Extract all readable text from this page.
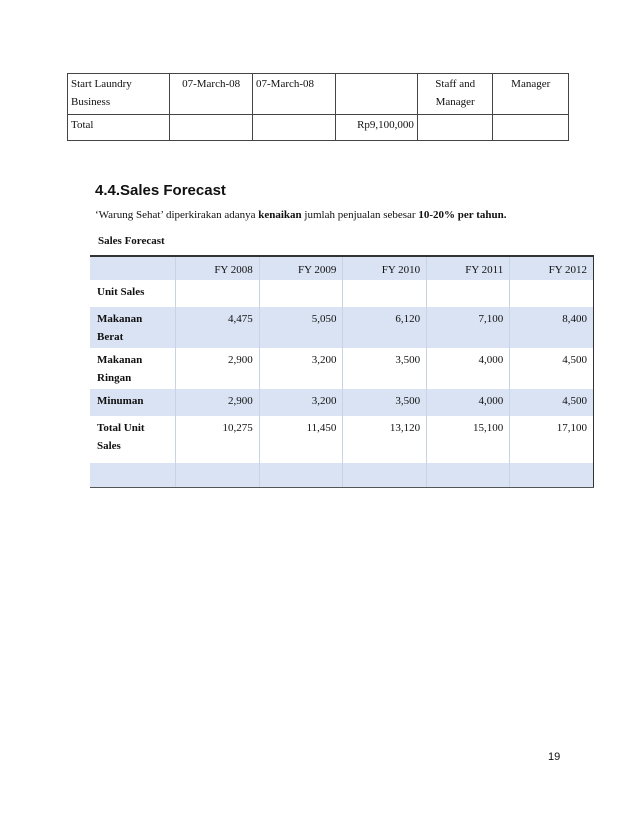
Start Laundry Business	07-March-08	07-March-08		Staff and Manager	Manager
Total			Rp9,100,000		
4.4.Sales Forecast

‘Warung Sehat’ diperkirakan adanya kenaikan jumlah penjualan sebesar 10-20% per tahun.

Sales Forecast

	FY 2008	FY 2009	FY 2010	FY 2011	FY 2012
Unit Sales					
Makanan Berat	4,475	5,050	6,120	7,100	8,400
Makanan Ringan	2,900	3,200	3,500	4,000	4,500
Minuman	2,900	3,200	3,500	4,000	4,500
Total Unit Sales	10,275	11,450	13,120	15,100	17,100

19
